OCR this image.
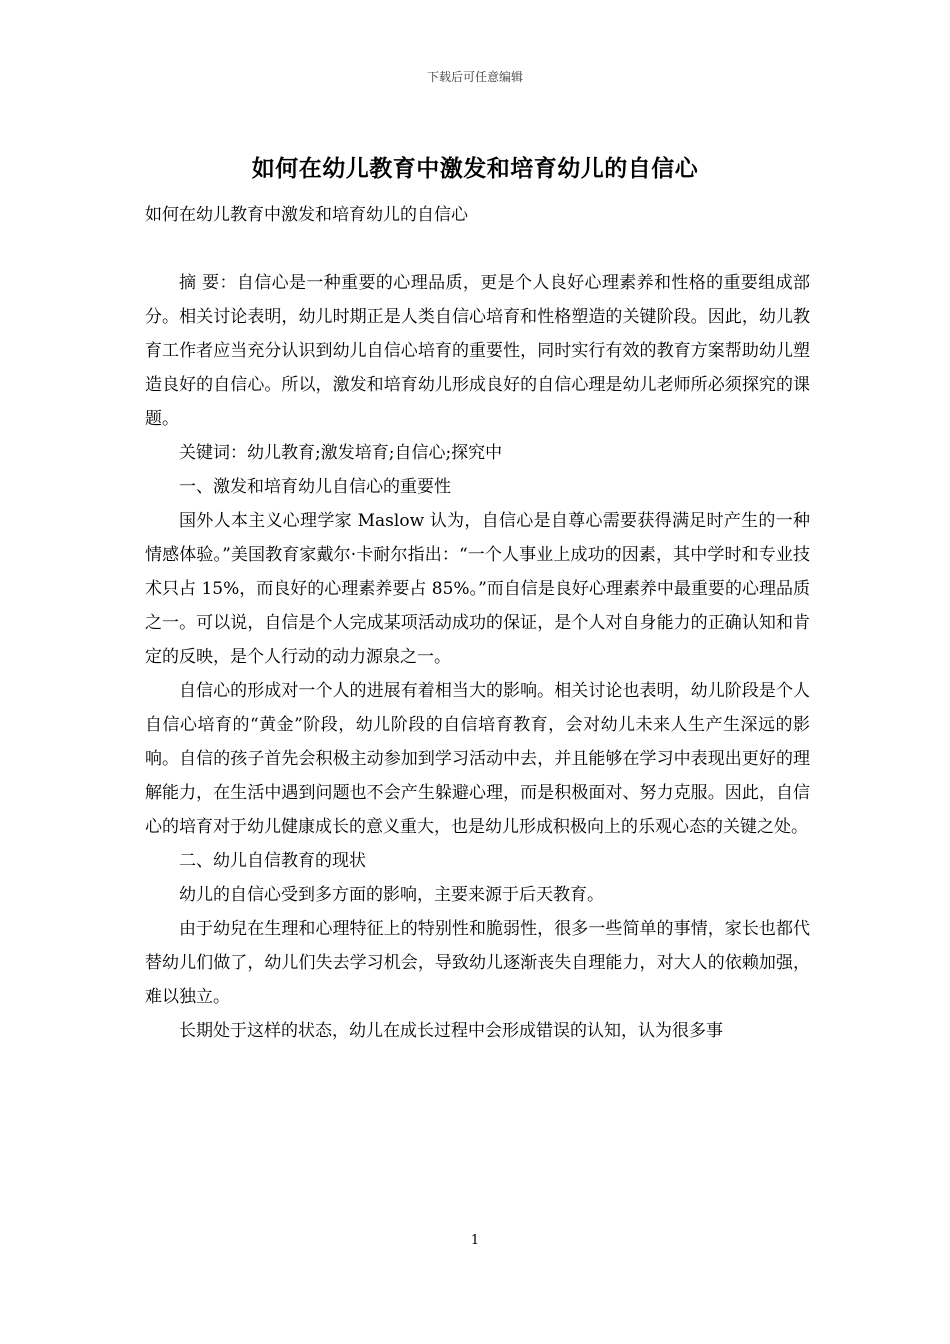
下载后可任意编辑
如何在幼儿教育中激发和培育幼儿的自信心

如何在幼儿教育中激发和培育幼儿的自信心

摘 要：自信心是一种重要的心理品质，更是个人良好心理素养和性格的重要组成部分。相关讨论表明，幼儿时期正是人类自信心培育和性格塑造的关键阶段。因此，幼儿教育工作者应当充分认识到幼儿自信心培育的重要性，同时实行有效的教育方案帮助幼儿塑造良好的自信心。所以，激发和培育幼儿形成良好的自信心理是幼儿老师所必须探究的课题。

关键词：幼儿教育;激发培育;自信心;探究中

一、激发和培育幼儿自信心的重要性

国外人本主义心理学家 Maslow 认为，自信心是自尊心需要获得满足时产生的一种情感体验。”美国教育家戴尔·卡耐尔指出：“一个人事业上成功的因素，其中学时和专业技术只占 15%，而良好的心理素养要占 85%。”而自信是良好心理素养中最重要的心理品质之一。可以说，自信是个人完成某项活动成功的保证，是个人对自身能力的正确认知和肯定的反映，是个人行动的动力源泉之一。

自信心的形成对一个人的进展有着相当大的影响。相关讨论也表明，幼儿阶段是个人自信心培育的“黄金”阶段，幼儿阶段的自信培育教育，会对幼儿未来人生产生深远的影响。自信的孩子首先会积极主动参加到学习活动中去，并且能够在学习中表现出更好的理解能力，在生活中遇到问题也不会产生躲避心理，而是积极面对、努力克服。因此，自信心的培育对于幼儿健康成长的意义重大，也是幼儿形成积极向上的乐观心态的关键之处。

二、幼儿自信教育的现状

幼儿的自信心受到多方面的影响，主要来源于后天教育。

由于幼兒在生理和心理特征上的特别性和脆弱性，很多一些简单的事情，家长也都代替幼儿们做了，幼儿们失去学习机会，导致幼儿逐渐丧失自理能力，对大人的依赖加强，难以独立。

长期处于这样的状态，幼儿在成长过程中会形成错误的认知，认为很多事

1
